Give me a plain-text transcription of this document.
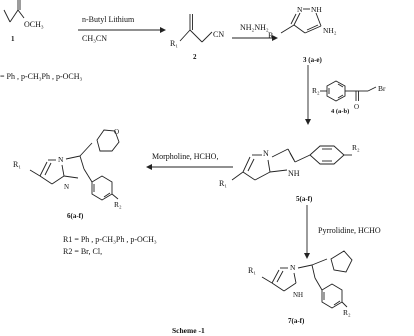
OCH₃
1
n-Butyl Lithium
CH₃CN
R₁
CN
2
NH₂NH₂
NH
N
R₁
NH₂
3 (a-e)
= Ph , p-CH₃Ph , p-OCH₃
R₂
O
Br
4 (a-b)
N
NH
R₁
R₂
5(a-f)
Morpholine, HCHO,
N
N
R₁
O
R₂
6(a-f)
R1 = Ph , p-CH₃Ph , p-OCH₃
R2 = Br, Cl,
Pyrrolidine, HCHO
N
NH
R₁
R₂
7(a-f)
Scheme -1
